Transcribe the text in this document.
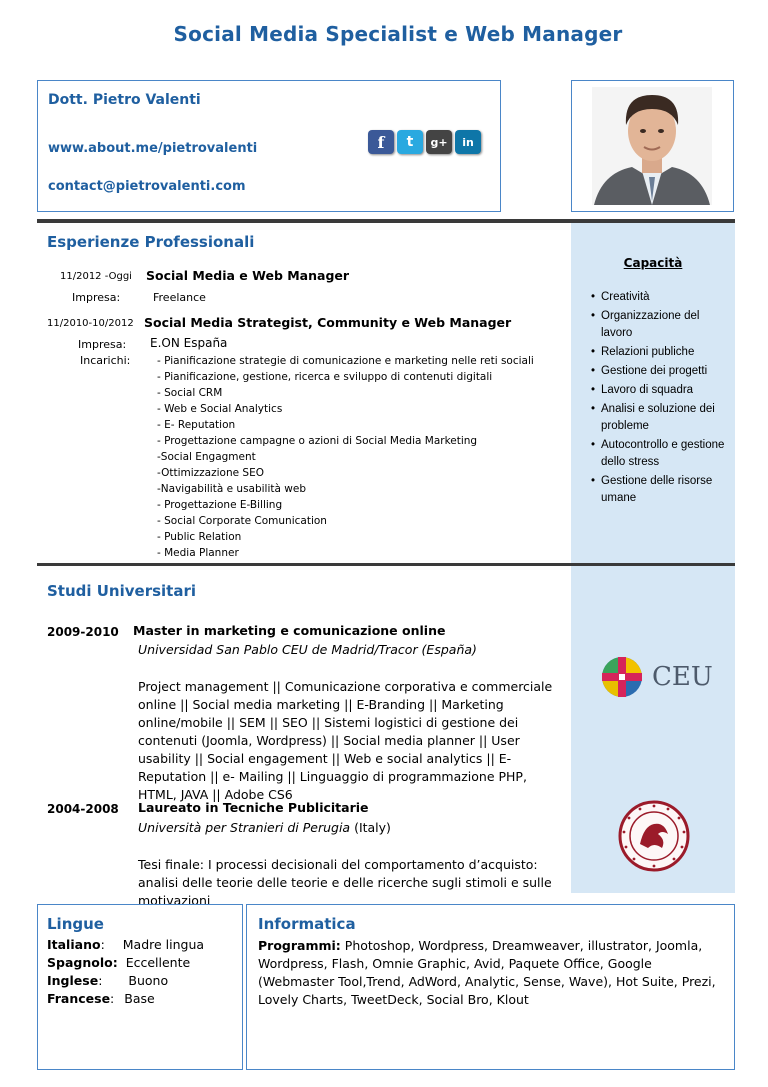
Social Media Specialist e Web Manager
Dott. Pietro Valenti
www.about.me/pietrovalenti
contact@pietrovalenti.com
f	t	g+	in
Esperienze Professionali
11/2012 -Oggi Social Media e Web Manager
Impresa:	Freelance
11/2010-10/2012 Social Media Strategist, Community e Web Manager
Impresa: E.ON España
Incarichi:	- Pianificazione strategie di comunicazione e marketing nelle reti sociali
- Pianificazione, gestione, ricerca e sviluppo di contenuti digitali
- Social CRM
- Web e Social Analytics
- E- Reputation
- Progettazione campagne o azioni di Social Media Marketing
-Social Engagment
-Ottimizzazione SEO
-Navigabilità e usabilità web
- Progettazione E-Billing
- Social Corporate Comunication
- Public Relation
- Media Planner
Capacità
• Creatività
• Organizzazione del lavoro
• Relazioni publiche
• Gestione dei progetti
• Lavoro di squadra
• Analisi e soluzione dei probleme
• Autocontrollo e gestione dello stress
• Gestione delle risorse umane
Studi Universitari
2009-2010 Master in marketing e comunicazione online
Universidad San Pablo CEU de Madrid/Tracor (España)
Project management || Comunicazione corporativa e commerciale online || Social media marketing || E-Branding || Marketing online/mobile || SEM || SEO || Sistemi logistici di gestione dei contenuti (Joomla, Wordpress) || Social media planner || User usability || Social engagement || Web e social analytics || E-Reputation || e- Mailing || Linguaggio di programmazione PHP, HTML, JAVA || Adobe CS6
2004-2008 Laureato in Tecniche Publicitarie
Università per Stranieri di Perugia (Italy)
Tesi finale: I processi decisionali del comportamento d’acquisto: analisi delle teorie delle teorie e delle ricerche sugli stimoli e sulle motivazioni
CEU
Lingue
Italiano: Madre lingua
Spagnolo: Eccellente
Inglese: Buono
Francese: Base
Informatica
Programmi: Photoshop, Wordpress, Dreamweaver, illustrator, Joomla, Wordpress, Flash, Omnie Graphic, Avid, Paquete Office, Google (Webmaster Tool,Trend, AdWord, Analytic, Sense, Wave), Hot Suite, Prezi, Lovely Charts, TweetDeck, Social Bro, Klout
